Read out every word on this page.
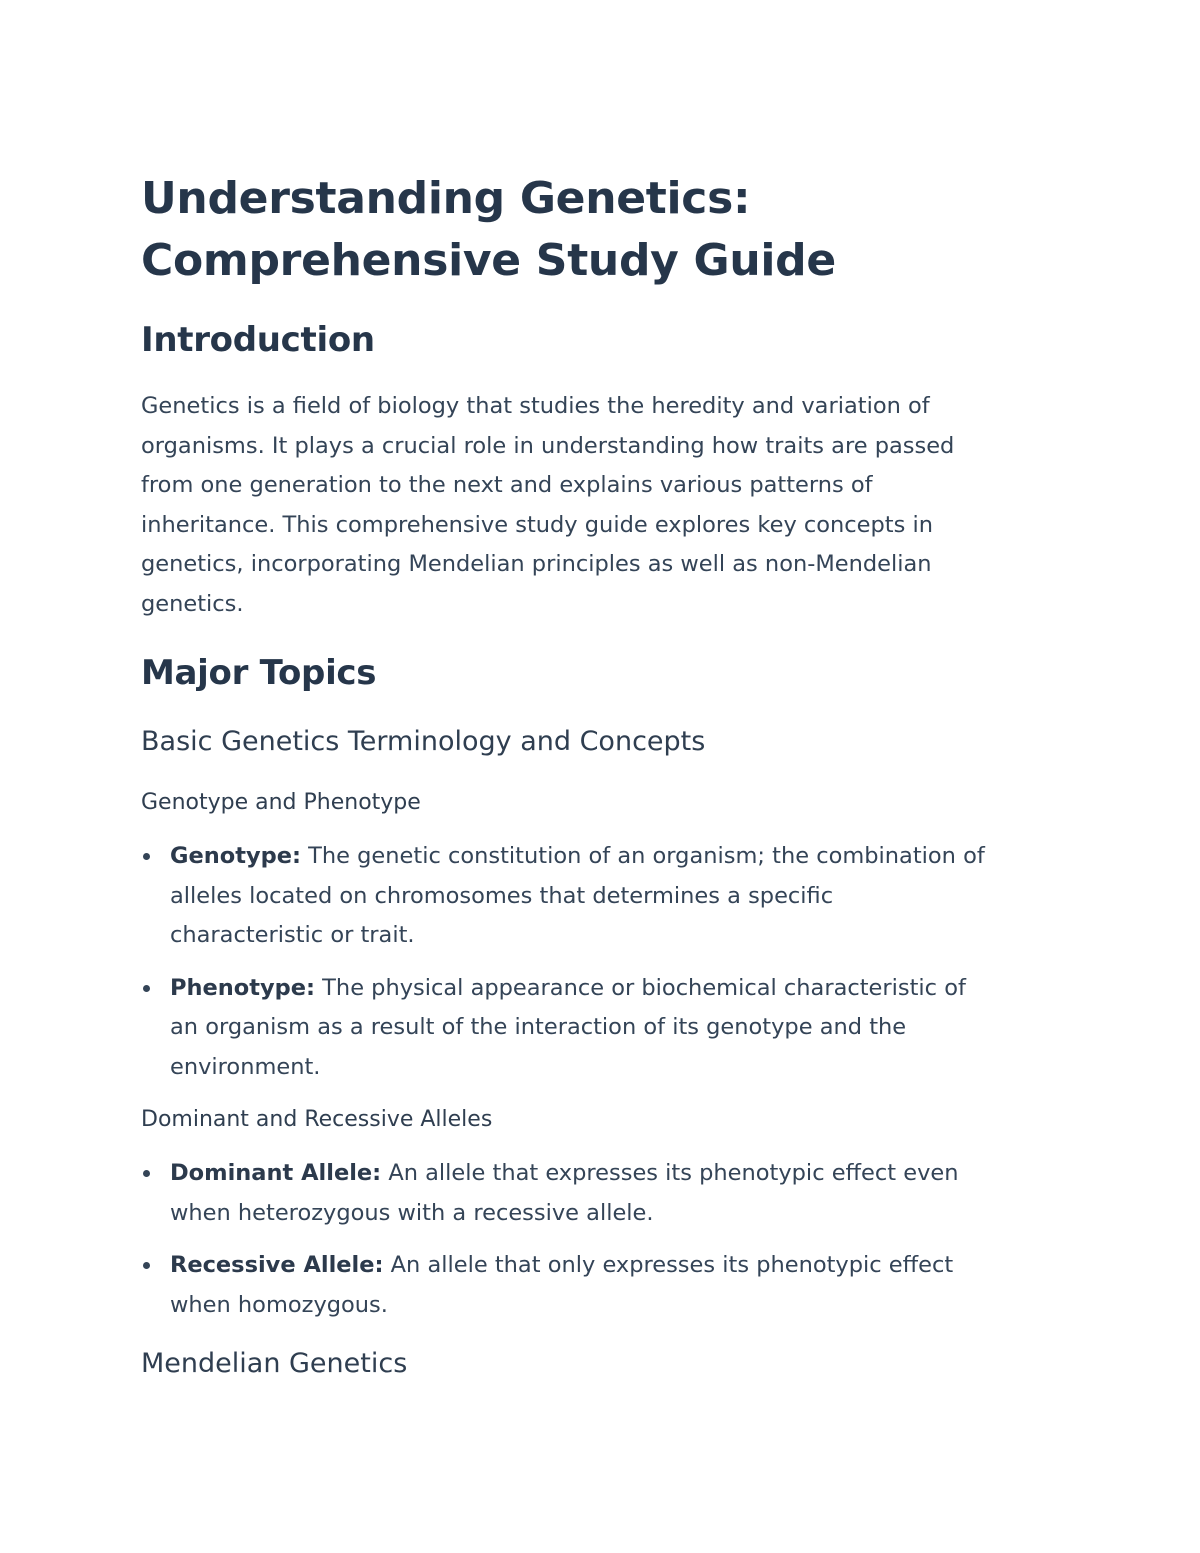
Understanding Genetics:
Comprehensive Study Guide
Introduction
Genetics is a field of biology that studies the heredity and variation of
organisms. It plays a crucial role in understanding how traits are passed
from one generation to the next and explains various patterns of
inheritance. This comprehensive study guide explores key concepts in
genetics, incorporating Mendelian principles as well as non-Mendelian
genetics.
Major Topics
Basic Genetics Terminology and Concepts
Genotype and Phenotype
Genotype: The genetic constitution of an organism; the combination of
alleles located on chromosomes that determines a specific
characteristic or trait.
Phenotype: The physical appearance or biochemical characteristic of
an organism as a result of the interaction of its genotype and the
environment.
Dominant and Recessive Alleles
Dominant Allele: An allele that expresses its phenotypic effect even
when heterozygous with a recessive allele.
Recessive Allele: An allele that only expresses its phenotypic effect
when homozygous.
Mendelian Genetics
